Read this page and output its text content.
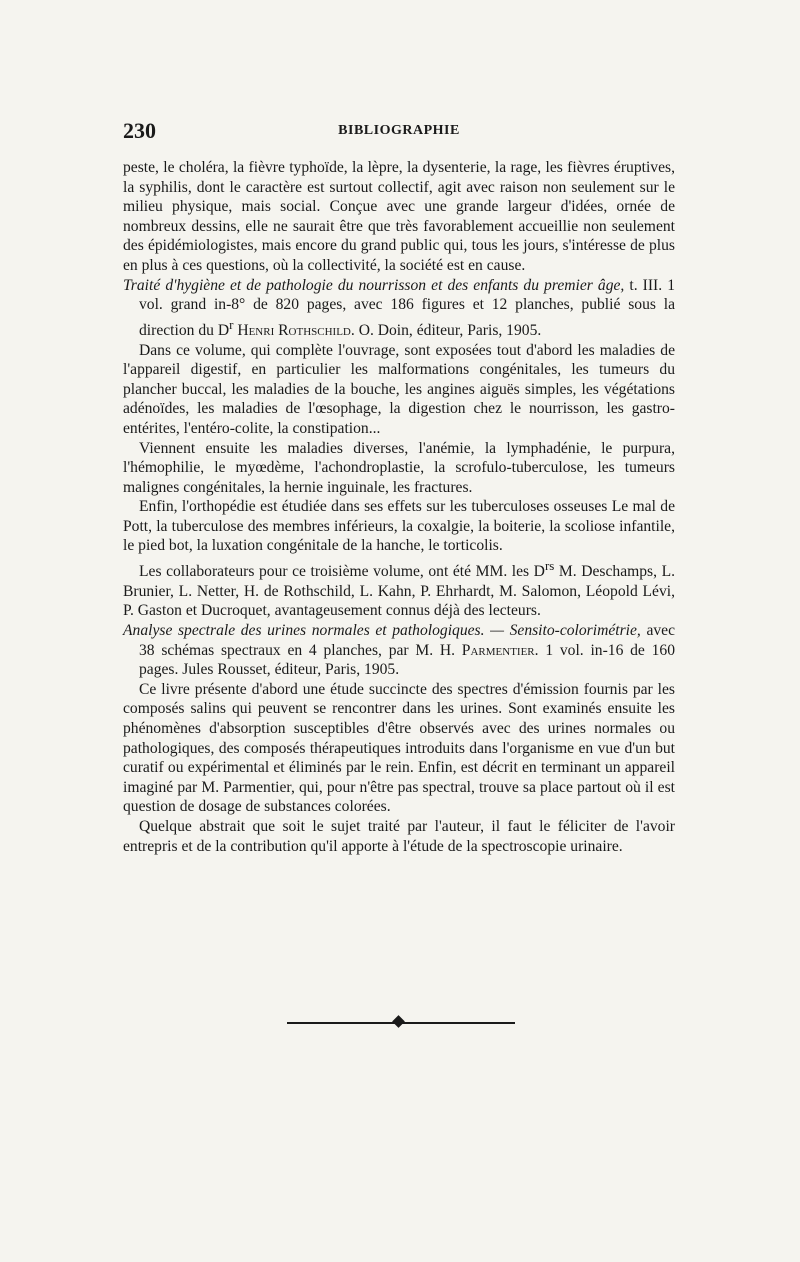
230	BIBLIOGRAPHIE

peste, le choléra, la fièvre typhoïde, la lèpre, la dysenterie, la rage, les fièvres éruptives, la syphilis, dont le caractère est surtout collectif, agit avec raison non seulement sur le milieu physique, mais social. Conçue avec une grande largeur d'idées, ornée de nombreux dessins, elle ne saurait être que très favorablement accueillie non seulement des épidémiologistes, mais encore du grand public qui, tous les jours, s'intéresse de plus en plus à ces questions, où la collectivité, la société est en cause.

Traité d'hygiène et de pathologie du nourrisson et des enfants du premier âge, t. III. 1 vol. grand in-8° de 820 pages, avec 186 figures et 12 planches, publié sous la direction du $D^r$ Henri Rothschild. O. Doin, éditeur, Paris, 1905.

Dans ce volume, qui complète l'ouvrage, sont exposées tout d'abord les maladies de l'appareil digestif, en particulier les malformations congénitales, les tumeurs du plancher buccal, les maladies de la bouche, les angines aiguës simples, les végétations adénoïdes, les maladies de l'œsophage, la digestion chez le nourrisson, les gastro-entérites, l'entéro-colite, la constipation...

Viennent ensuite les maladies diverses, l'anémie, la lymphadénie, le purpura, l'hémophilie, le myœdème, l'achondroplastie, la scrofulo-tuberculose, les tumeurs malignes congénitales, la hernie inguinale, les fractures.

Enfin, l'orthopédie est étudiée dans ses effets sur les tuberculoses osseuses Le mal de Pott, la tuberculose des membres inférieurs, la coxalgie, la boiterie, la scoliose infantile, le pied bot, la luxation congénitale de la hanche, le torticolis.

Les collaborateurs pour ce troisième volume, ont été MM. les $D^{rs}$ M. Deschamps, L. Brunier, L. Netter, H. de Rothschild, L. Kahn, P. Ehrhardt, M. Salomon, Léopold Lévi, P. Gaston et Ducroquet, avantageusement connus déjà des lecteurs.

Analyse spectrale des urines normales et pathologiques. — Sensito-colorimétrie, avec 38 schémas spectraux en 4 planches, par M. H. Parmentier. 1 vol. in-16 de 160 pages. Jules Rousset, éditeur, Paris, 1905.

Ce livre présente d'abord une étude succincte des spectres d'émission fournis par les composés salins qui peuvent se rencontrer dans les urines. Sont examinés ensuite les phénomènes d'absorption susceptibles d'être observés avec des urines normales ou pathologiques, des composés thérapeutiques introduits dans l'organisme en vue d'un but curatif ou expérimental et éliminés par le rein. Enfin, est décrit en terminant un appareil imaginé par M. Parmentier, qui, pour n'être pas spectral, trouve sa place partout où il est question de dosage de substances colorées.

Quelque abstrait que soit le sujet traité par l'auteur, il faut le féliciter de l'avoir entrepris et de la contribution qu'il apporte à l'étude de la spectroscopie urinaire.
